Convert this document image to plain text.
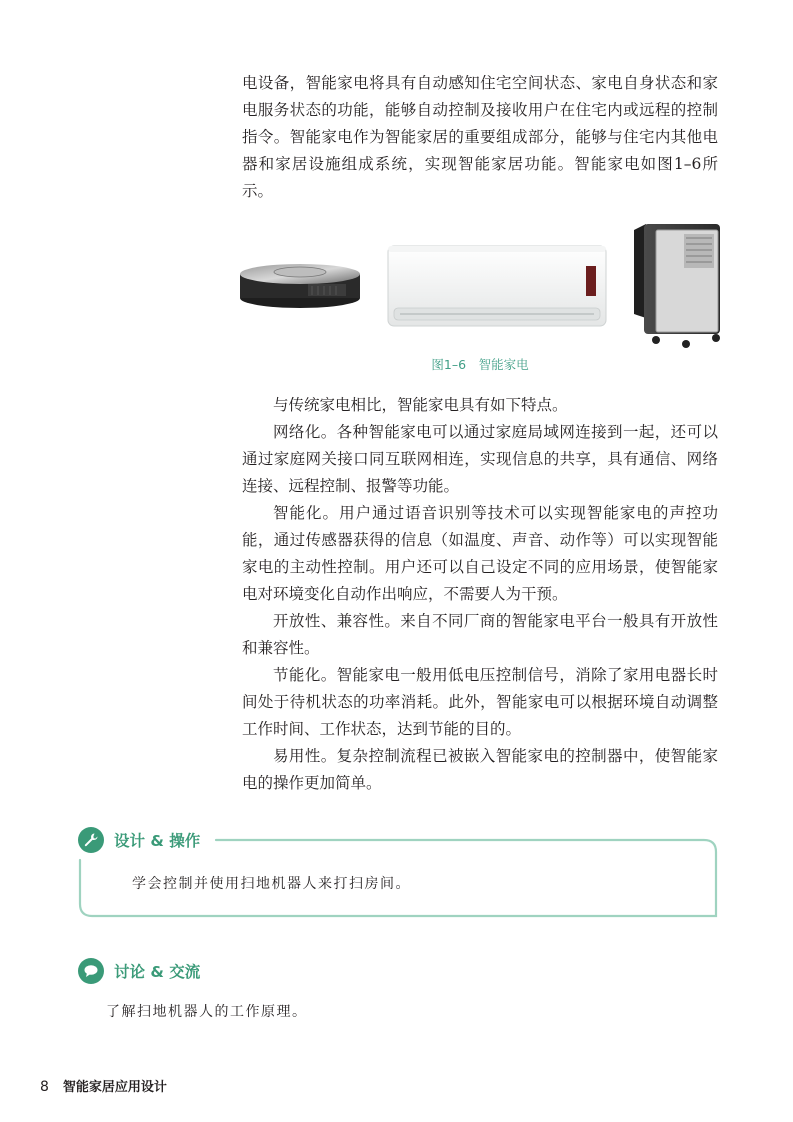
电设备，智能家电将具有自动感知住宅空间状态、家电自身状态和家电服务状态的功能，能够自动控制及接收用户在住宅内或远程的控制指令。智能家电作为智能家居的重要组成部分，能够与住宅内其他电器和家居设施组成系统，实现智能家居功能。智能家电如图1–6所示。

图1–6　智能家电

与传统家电相比，智能家电具有如下特点。

网络化。各种智能家电可以通过家庭局域网连接到一起，还可以通过家庭网关接口同互联网相连，实现信息的共享，具有通信、网络连接、远程控制、报警等功能。

智能化。用户通过语音识别等技术可以实现智能家电的声控功能，通过传感器获得的信息（如温度、声音、动作等）可以实现智能家电的主动性控制。用户还可以自己设定不同的应用场景，使智能家电对环境变化自动作出响应，不需要人为干预。

开放性、兼容性。来自不同厂商的智能家电平台一般具有开放性和兼容性。

节能化。智能家电一般用低电压控制信号，消除了家用电器长时间处于待机状态的功率消耗。此外，智能家电可以根据环境自动调整工作时间、工作状态，达到节能的目的。

易用性。复杂控制流程已被嵌入智能家电的控制器中，使智能家电的操作更加简单。

设计 & 操作
学会控制并使用扫地机器人来打扫房间。
讨论 & 交流
了解扫地机器人的工作原理。
8 智能家居应用设计
